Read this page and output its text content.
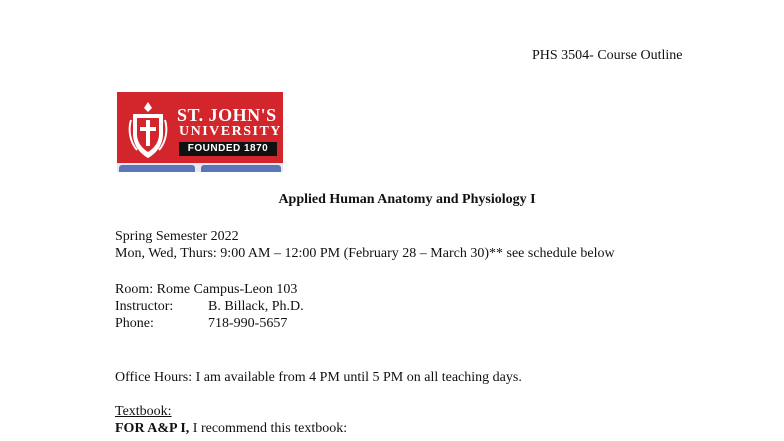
PHS 3504- Course Outline
ST. JOHN'S
UNIVERSITY
FOUNDED 1870
Applied Human Anatomy and Physiology I
Spring Semester 2022
Mon, Wed, Thurs: 9:00 AM – 12:00 PM (February 28 – March 30)** see schedule below
Room: Rome Campus-Leon 103
Instructor: B. Billack, Ph.D.
Phone:	718-990-5657
Office Hours: I am available from 4 PM until 5 PM on all teaching days.
Textbook:
FOR A&P I, I recommend this textbook:
